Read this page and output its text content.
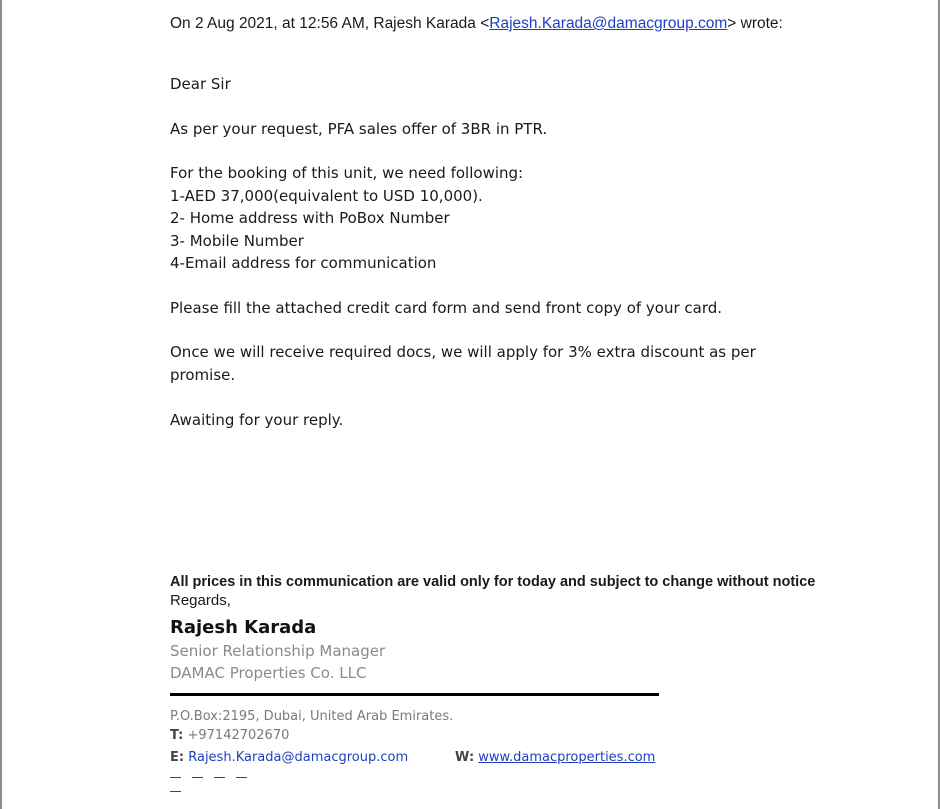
On 2 Aug 2021, at 12:56 AM, Rajesh Karada <Rajesh.Karada@damacgroup.com> wrote:
Dear Sir
As per your request, PFA sales offer of 3BR in PTR.
For the booking of this unit, we need following:
1-AED 37,000(equivalent to USD 10,000).
2- Home address with PoBox Number
3- Mobile Number
4-Email address for communication
Please fill the attached credit card form and send front copy of your card.
Once we will receive required docs, we will apply for 3% extra discount as per
promise.
Awaiting for your reply.
All prices in this communication are valid only for today and subject to change without notice
Regards,
Rajesh Karada
Senior Relationship Manager
DAMAC Properties Co. LLC
P.O.Box:2195, Dubai, United Arab Emirates.
T: +97142702670
E: Rajesh.Karada@damacgroup.com	W: www.damacproperties.com
